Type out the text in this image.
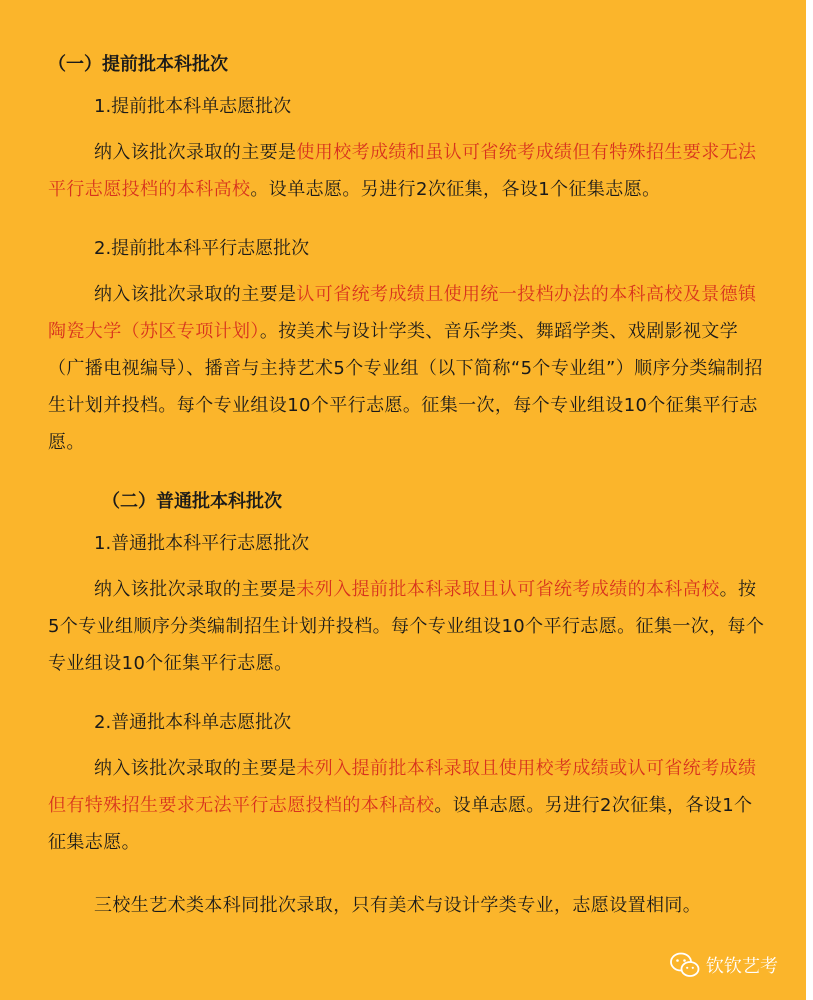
（一）提前批本科批次

1.提前批本科单志愿批次

纳入该批次录取的主要是使用校考成绩和虽认可省统考成绩但有特殊招生要求无法平行志愿投档的本科高校。设单志愿。另进行2次征集，各设1个征集志愿。

2.提前批本科平行志愿批次

纳入该批次录取的主要是认可省统考成绩且使用统一投档办法的本科高校及景德镇陶瓷大学（苏区专项计划）。按美术与设计学类、音乐学类、舞蹈学类、戏剧影视文学（广播电视编导）、播音与主持艺术5个专业组（以下简称“5个专业组”）顺序分类编制招生计划并投档。每个专业组设10个平行志愿。征集一次，每个专业组设10个征集平行志愿。

（二）普通批本科批次

1.普通批本科平行志愿批次

纳入该批次录取的主要是未列入提前批本科录取且认可省统考成绩的本科高校。按5个专业组顺序分类编制招生计划并投档。每个专业组设10个平行志愿。征集一次，每个专业组设10个征集平行志愿。

2.普通批本科单志愿批次

纳入该批次录取的主要是未列入提前批本科录取且使用校考成绩或认可省统考成绩但有特殊招生要求无法平行志愿投档的本科高校。设单志愿。另进行2次征集，各设1个征集志愿。

三校生艺术类本科同批次录取，只有美术与设计学类专业，志愿设置相同。

钦钦艺考
